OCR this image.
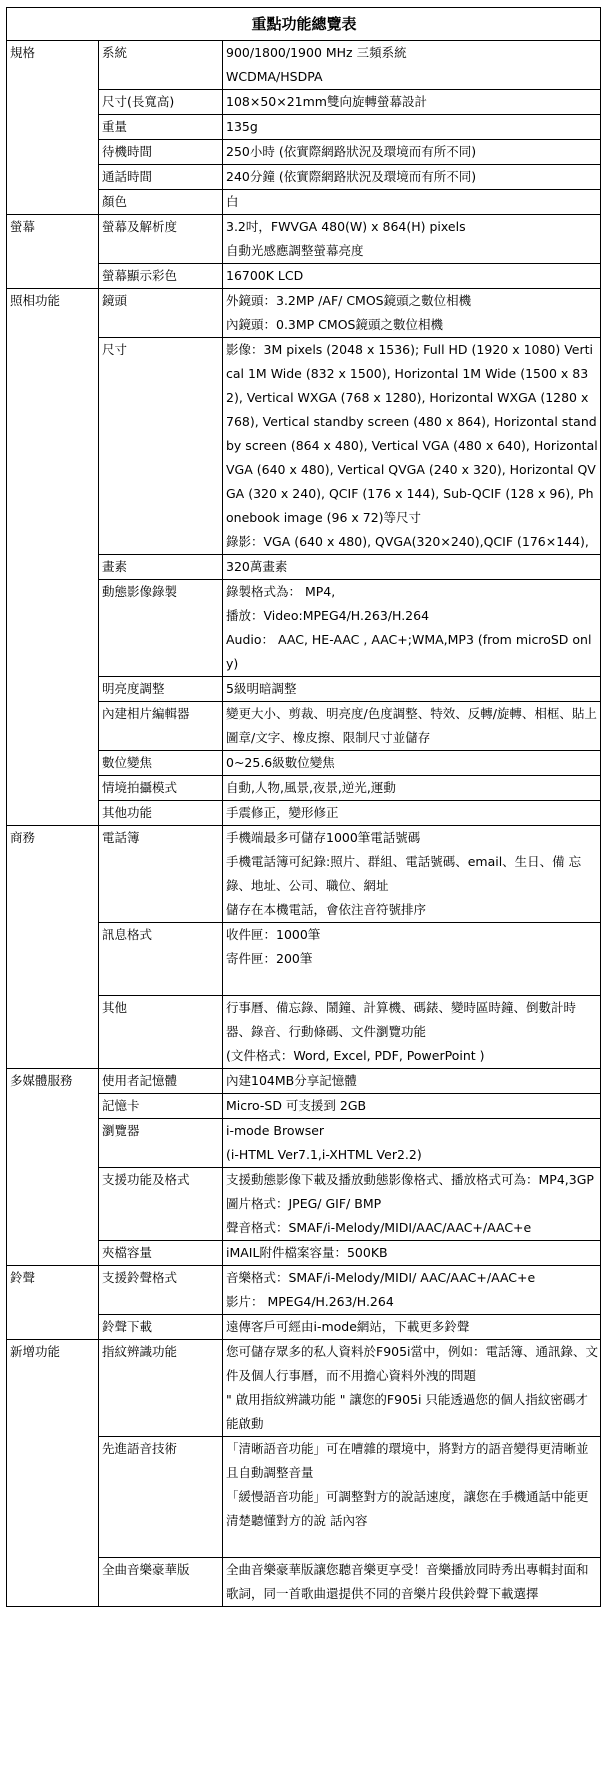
重點功能總覽表		
規格	系統	900/1800/1900 MHz 三頻系統
WCDMA/HSDPA

	尺寸(長寬高)	108×50×21mm雙向旋轉螢幕設計
	重量	135g
	待機時間	250小時 (依實際網路狀況及環境而有所不同)
	通話時間	240分鐘 (依實際網路狀況及環境而有所不同)
	顏色	白
螢幕	螢幕及解析度	3.2吋，FWVGA 480(W) x 864(H) pixels
自動光感應調整螢幕亮度

	螢幕顯示彩色	16700K LCD
照相功能	鏡頭	外鏡頭：3.2MP /AF/ CMOS鏡頭之數位相機
內鏡頭：0.3MP CMOS鏡頭之數位相機

	尺寸	影像：3M pixels (2048 x 1536); Full HD (1920 x 1080) Vertical 1M Wide (832 x 1500), Horizontal 1M Wide (1500 x 832), Vertical WXGA (768 x 1280), Horizontal WXGA (1280 x 768), Vertical standby screen (480 x 864), Horizontal standby screen (864 x 480), Vertical VGA (480 x 640), Horizontal VGA (640 x 480), Vertical QVGA (240 x 320), Horizontal QVGA (320 x 240), QCIF (176 x 144), Sub-QCIF (128 x 96), Phonebook image (96 x 72)等尺寸
錄影：VGA (640 x 480), QVGA(320×240),QCIF (176×144),

	畫素	320萬畫素
	動態影像錄製	錄製格式為： MP4,
播放：Video:MPEG4/H.263/H.264
Audio： AAC, HE-AAC , AAC+;WMA,MP3 (from microSD only)

	明亮度調整	5級明暗調整
	內建相片編輯器	變更大小、剪裁、明亮度/色度調整、特效、反轉/旋轉、相框、貼上圖章/文字、橡皮擦、限制尺寸並儲存
	數位變焦	0~25.6級數位變焦
	情境拍攝模式	自動,人物,風景,夜景,逆光,運動
	其他功能	手震修正，變形修正
商務	電話簿	手機端最多可儲存1000筆電話號碼
手機電話簿可紀錄:照片、群組、電話號碼、email、生日、備 忘錄、地址、公司、職位、網址
儲存在本機電話，會依注音符號排序

	訊息格式	收件匣：1000筆
寄件匣：200筆

	其他	行事曆、備忘錄、鬧鐘、計算機、碼錶、變時區時鐘、倒數計時器、錄音、行動條碼、文件瀏覽功能
(文件格式：Word, Excel, PDF, PowerPoint )

多媒體服務	使用者記憶體	內建104MB分享記憶體
	記憶卡	Micro-SD 可支援到 2GB
	瀏覽器	i-mode Browser
(i-HTML Ver7.1,i-XHTML Ver2.2)

	支援功能及格式	支援動態影像下載及播放動態影像格式、播放格式可為：MP4,3GP
圖片格式：JPEG/ GIF/ BMP
聲音格式：SMAF/i-Melody/MIDI/AAC/AAC+/AAC+e

	夾檔容量	iMAIL附件檔案容量：500KB
鈴聲	支援鈴聲格式	音樂格式：SMAF/i-Melody/MIDI/ AAC/AAC+/AAC+e
影片： MPEG4/H.263/H.264

	鈴聲下載	遠傳客戶可經由i-mode網站，下載更多鈴聲
新增功能	指紋辨識功能	您可儲存眾多的私人資料於F905i當中，例如：電話簿、通訊錄、文件及個人行事曆，而不用擔心資料外洩的問題
" 啟用指紋辨識功能 " 讓您的F905i 只能透過您的個人指紋密碼才能啟動

	先進語音技術	「清晰語音功能」可在嘈雜的環境中，將對方的語音變得更清晰並且自動調整音量
「緩慢語音功能」可調整對方的說話速度，讓您在手機通話中能更清楚聽懂對方的說 話內容

	全曲音樂豪華版	全曲音樂豪華版讓您聽音樂更享受！音樂播放同時秀出專輯封面和歌詞，同一首歌曲還提供不同的音樂片段供鈴聲下載選擇
